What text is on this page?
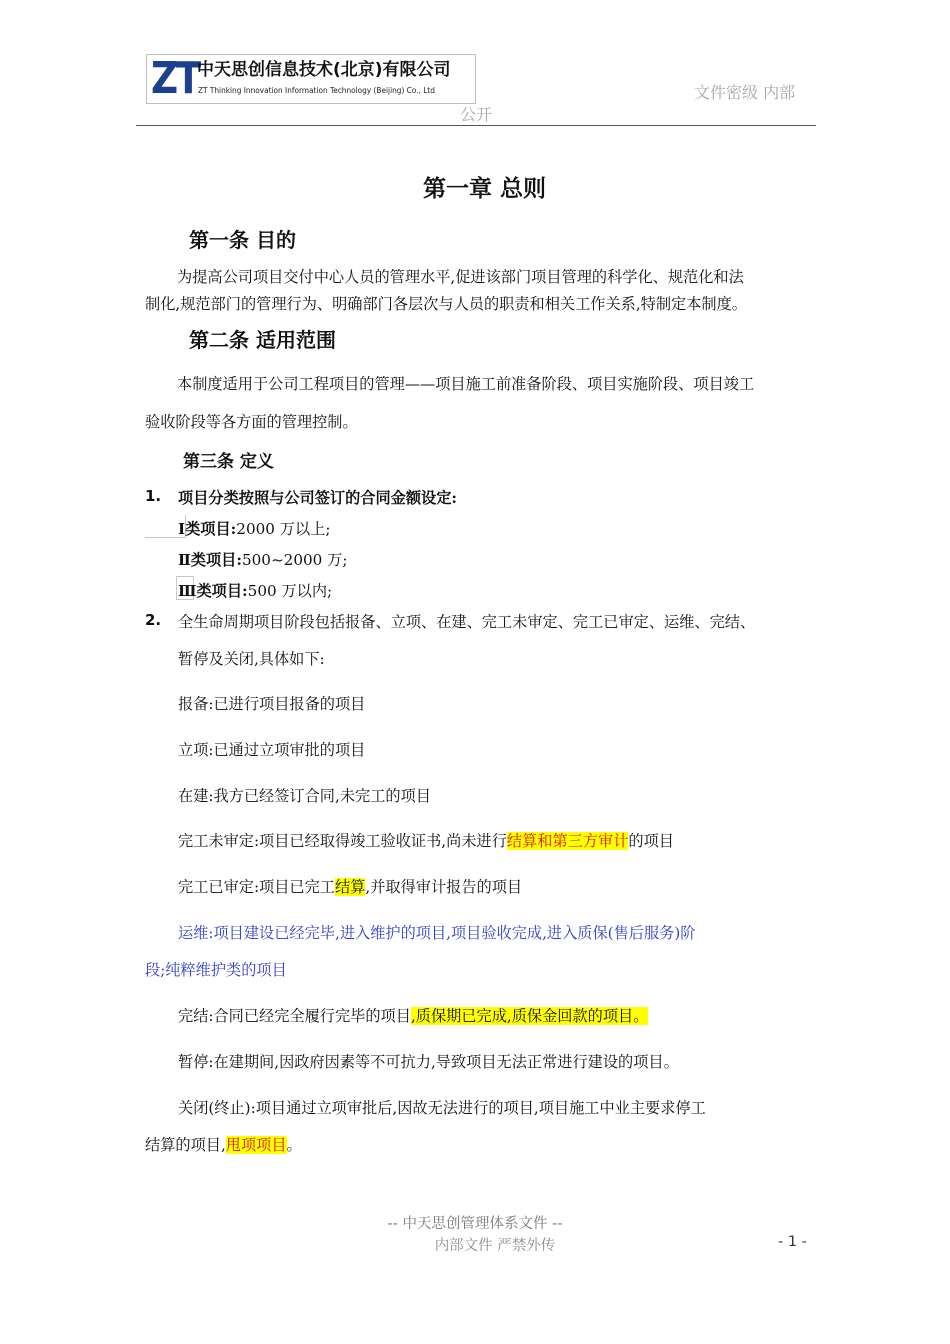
ZT
中天思创信息技术(北京)有限公司
ZT Thinking Innovation Information Technology (Beijing) Co., Ltd	文件密级 内部
公开
第一章 总则
第一条 目的
为提高公司项目交付中心人员的管理水平,促进该部门项目管理的科学化、规范化和法
制化,规范部门的管理行为、明确部门各层次与人员的职责和相关工作关系,特制定本制度。
第二条 适用范围
本制度适用于公司工程项目的管理——项目施工前准备阶段、项目实施阶段、项目竣工
验收阶段等各方面的管理控制。
第三条 定义
1. 项目分类按照与公司签订的合同金额设定:
Ⅰ类项目:2000 万以上;
Ⅱ类项目:500~2000 万;
Ⅲ类项目:500 万以内;
2. 全生命周期项目阶段包括报备、立项、在建、完工未审定、完工已审定、运维、完结、
暂停及关闭,具体如下:
报备:已进行项目报备的项目
立项:已通过立项审批的项目
在建:我方已经签订合同,未完工的项目
完工未审定:项目已经取得竣工验收证书,尚未进行结算和第三方审计的项目
完工已审定:项目已完工结算,并取得审计报告的项目
运维:项目建设已经完毕,进入维护的项目,项目验收完成,进入质保(售后服务)阶
段;纯粹维护类的项目
完结:合同已经完全履行完毕的项目,质保期已完成,质保金回款的项目。
暂停:在建期间,因政府因素等不可抗力,导致项目无法正常进行建设的项目。
关闭(终止):项目通过立项审批后,因故无法进行的项目,项目施工中业主要求停工
结算的项目,甩项项目。
-- 中天思创管理体系文件 --
内部文件 严禁外传	- 1 -
